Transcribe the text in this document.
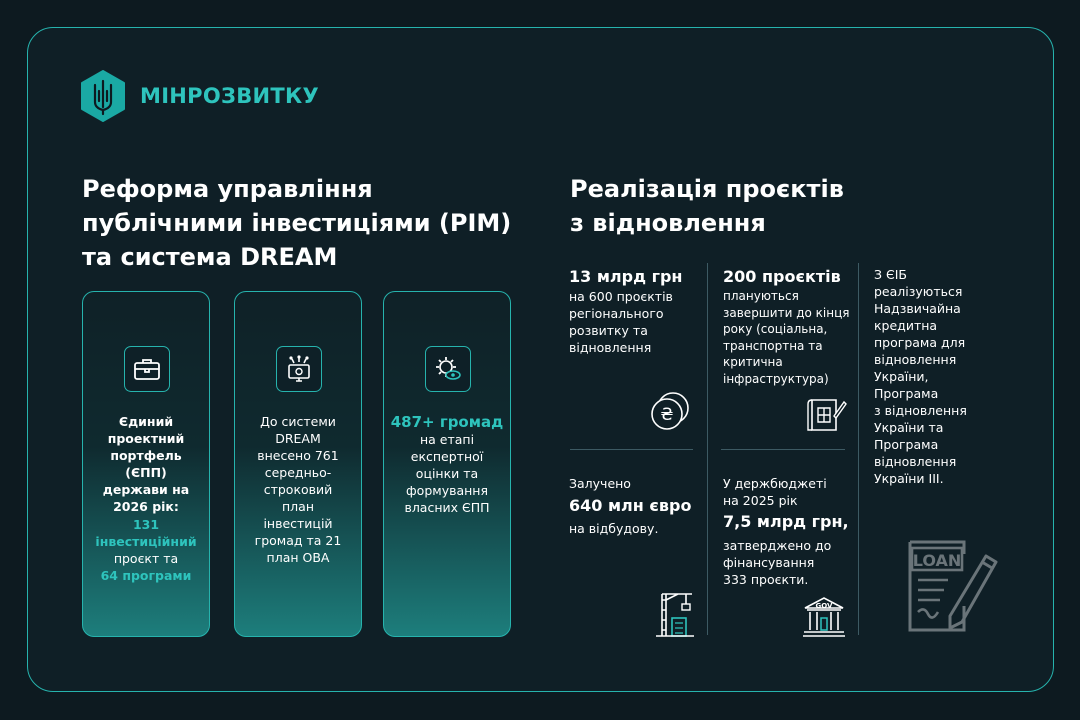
МІНРОЗВИТКУ
Реформа управління
публічними інвестиціями (PIM)
та система DREAM
Реалізація проєктів
з відновлення
Єдиний
проектний
портфель (ЄПП)
держави на
2026 рік:
131
інвестиційний
проєкт та
64 програми
До системи
DREAM
внесено 761
середньо-
строковий
план
інвестицій
громад та 21
план ОВА
487+ громад
на етапі
експертної
оцінки та
формування
власних ЄПП
13 млрд грн
на 600 проєктів
регіонального
розвитку та
відновлення
₴
200 проєктів
плануються
завершити до кінця
року (соціальна,
транспортна та
критична
інфраструктура)
Залучено
640 млн євро
на відбудову.
У держбюджеті
на 2025 рік
7,5 млрд грн,
затверджено до
фінансування
333 проєкти.
GOV
З ЄІБ
реалізуються
Надзвичайна
кредитна
програма для
відновлення
України,
Програма
з відновлення
України та
Програма
відновлення
України III.
LOAN
